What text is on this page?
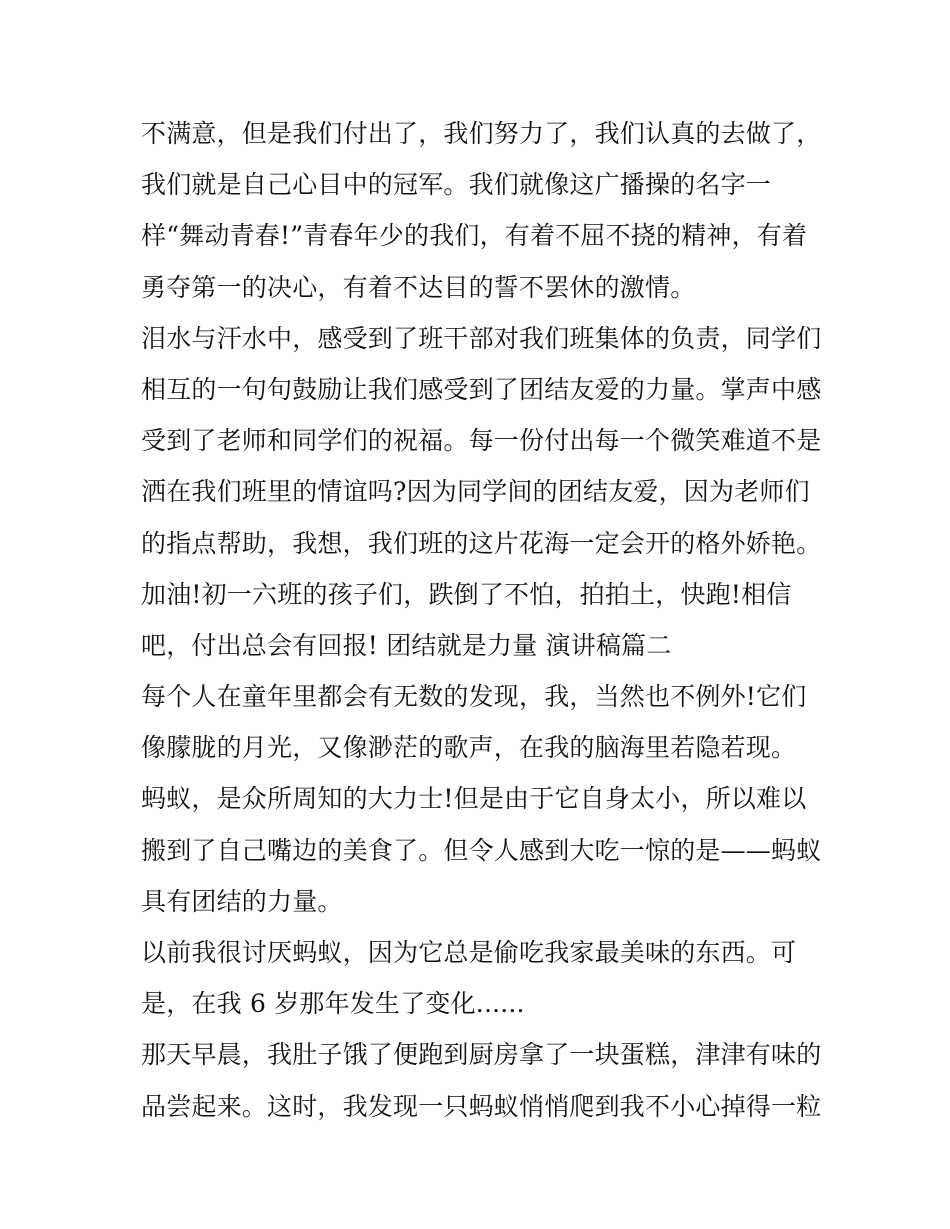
不满意，但是我们付出了，我们努力了，我们认真的去做了，
我们就是自己心目中的冠军。我们就像这广播操的名字一
样“舞动青春!”青春年少的我们，有着不屈不挠的精神，有着
勇夺第一的决心，有着不达目的誓不罢休的激情。
泪水与汗水中，感受到了班干部对我们班集体的负责，同学们
相互的一句句鼓励让我们感受到了团结友爱的力量。掌声中感
受到了老师和同学们的祝福。每一份付出每一个微笑难道不是
洒在我们班里的情谊吗?因为同学间的团结友爱，因为老师们
的指点帮助，我想，我们班的这片花海一定会开的格外娇艳。
加油!初一六班的孩子们，跌倒了不怕，拍拍土，快跑!相信
吧，付出总会有回报! 团结就是力量 演讲稿篇二
每个人在童年里都会有无数的发现，我，当然也不例外!它们
像朦胧的月光，又像渺茫的歌声，在我的脑海里若隐若现。
蚂蚁，是众所周知的大力士!但是由于它自身太小，所以难以
搬到了自己嘴边的美食了。但令人感到大吃一惊的是——蚂蚁
具有团结的力量。
以前我很讨厌蚂蚁，因为它总是偷吃我家最美味的东西。可
是，在我 6 岁那年发生了变化......
那天早晨，我肚子饿了便跑到厨房拿了一块蛋糕，津津有味的
品尝起来。这时，我发现一只蚂蚁悄悄爬到我不小心掉得一粒
